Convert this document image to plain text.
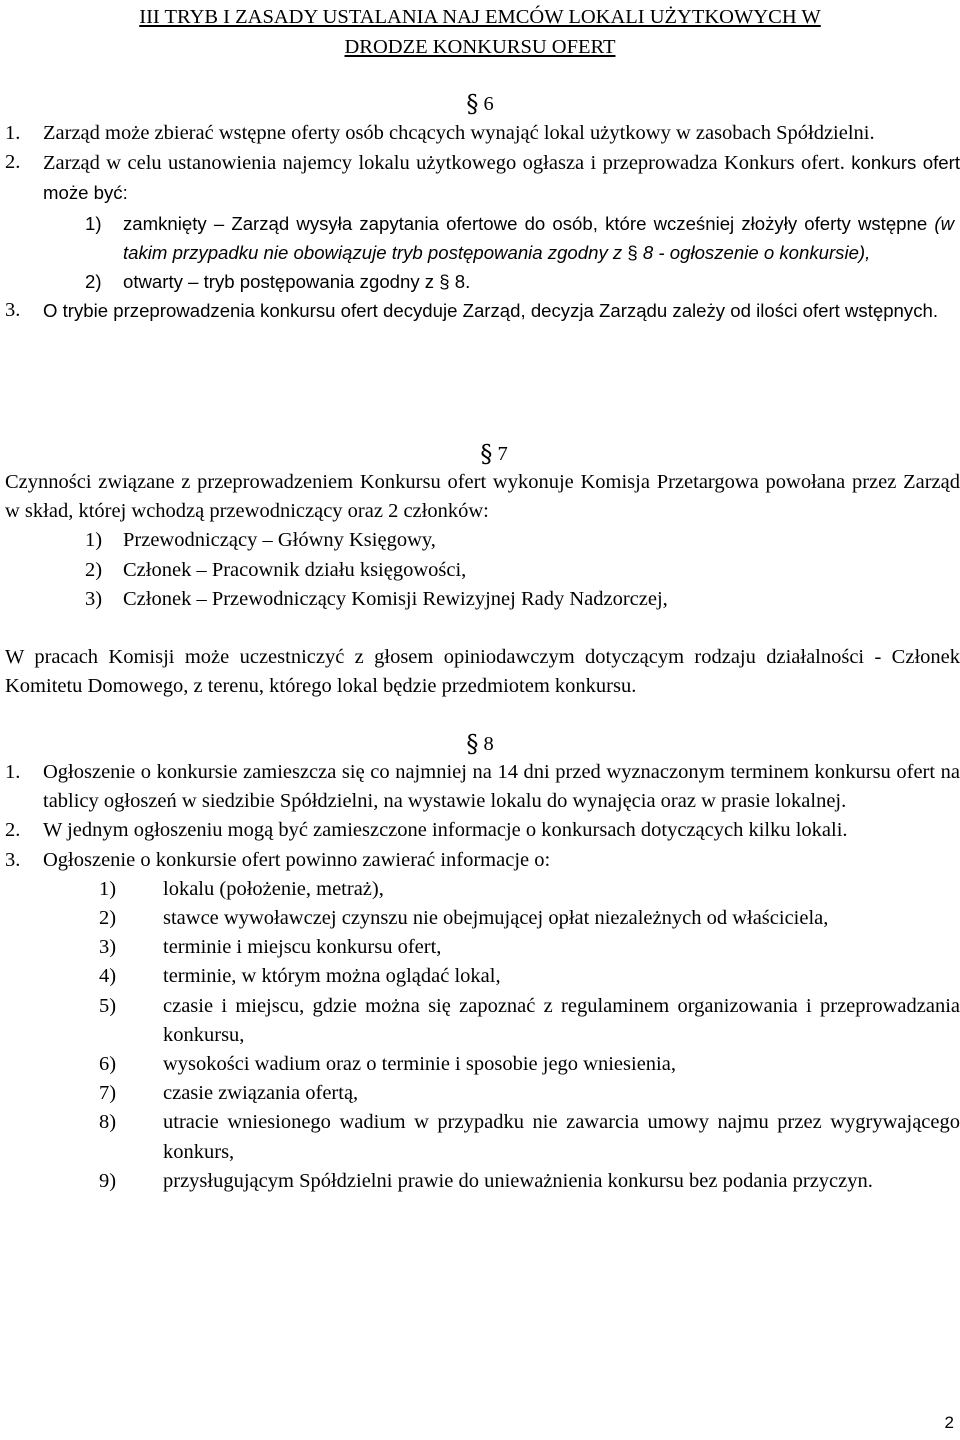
III TRYB I ZASADY USTALANIA NAJ EMCÓW LOKALI UŻYTKOWYCH W
DRODZE KONKURSU OFERT
§ 6
1.	Zarząd może zbierać wstępne oferty osób chcących wynająć lokal użytkowy w zasobach Spółdzielni.
2.	Zarząd w celu ustanowienia najemcy lokalu użytkowego ogłasza i przeprowadza Konkurs ofert. konkurs ofert może być:
1)	zamknięty – Zarząd wysyła zapytania ofertowe do osób, które wcześniej złożyły oferty wstępne (w takim przypadku nie obowiązuje tryb postępowania zgodny z § 8 - ogłoszenie o konkursie),
2)	otwarty – tryb postępowania zgodny z § 8.
3.	O trybie przeprowadzenia konkursu ofert decyduje Zarząd, decyzja Zarządu zależy od ilości ofert wstępnych.
§ 7
Czynności związane z przeprowadzeniem Konkursu ofert wykonuje Komisja Przetargowa powołana przez Zarząd w skład, której wchodzą przewodniczący oraz 2 członków:
1)	Przewodniczący – Główny Księgowy,
2)	Członek – Pracownik działu księgowości,
3)	Członek – Przewodniczący Komisji Rewizyjnej Rady Nadzorczej,
W pracach Komisji może uczestniczyć z głosem opiniodawczym dotyczącym rodzaju działalności - Członek Komitetu Domowego, z terenu, którego lokal będzie przedmiotem konkursu.
§ 8
1.	Ogłoszenie o konkursie zamieszcza się co najmniej na 14 dni przed wyznaczonym terminem konkursu ofert na tablicy ogłoszeń w siedzibie Spółdzielni, na wystawie lokalu do wynajęcia oraz w prasie lokalnej.
2.	W jednym ogłoszeniu mogą być zamieszczone informacje o konkursach dotyczących kilku lokali.
3.	Ogłoszenie o konkursie ofert powinno zawierać informacje o:
1)	lokalu (położenie, metraż),
2)	stawce wywoławczej czynszu nie obejmującej opłat niezależnych od właściciela,
3)	terminie i miejscu konkursu ofert,
4)	terminie, w którym można oglądać lokal,
5)	czasie i miejscu, gdzie można się zapoznać z regulaminem organizowania i przeprowadzania konkursu,
6)	wysokości wadium oraz o terminie i sposobie jego wniesienia,
7)	czasie związania ofertą,
8)	utracie wniesionego wadium w przypadku nie zawarcia umowy najmu przez wygrywającego konkurs,
9)	przysługującym Spółdzielni prawie do unieważnienia konkursu bez podania przyczyn.
2
